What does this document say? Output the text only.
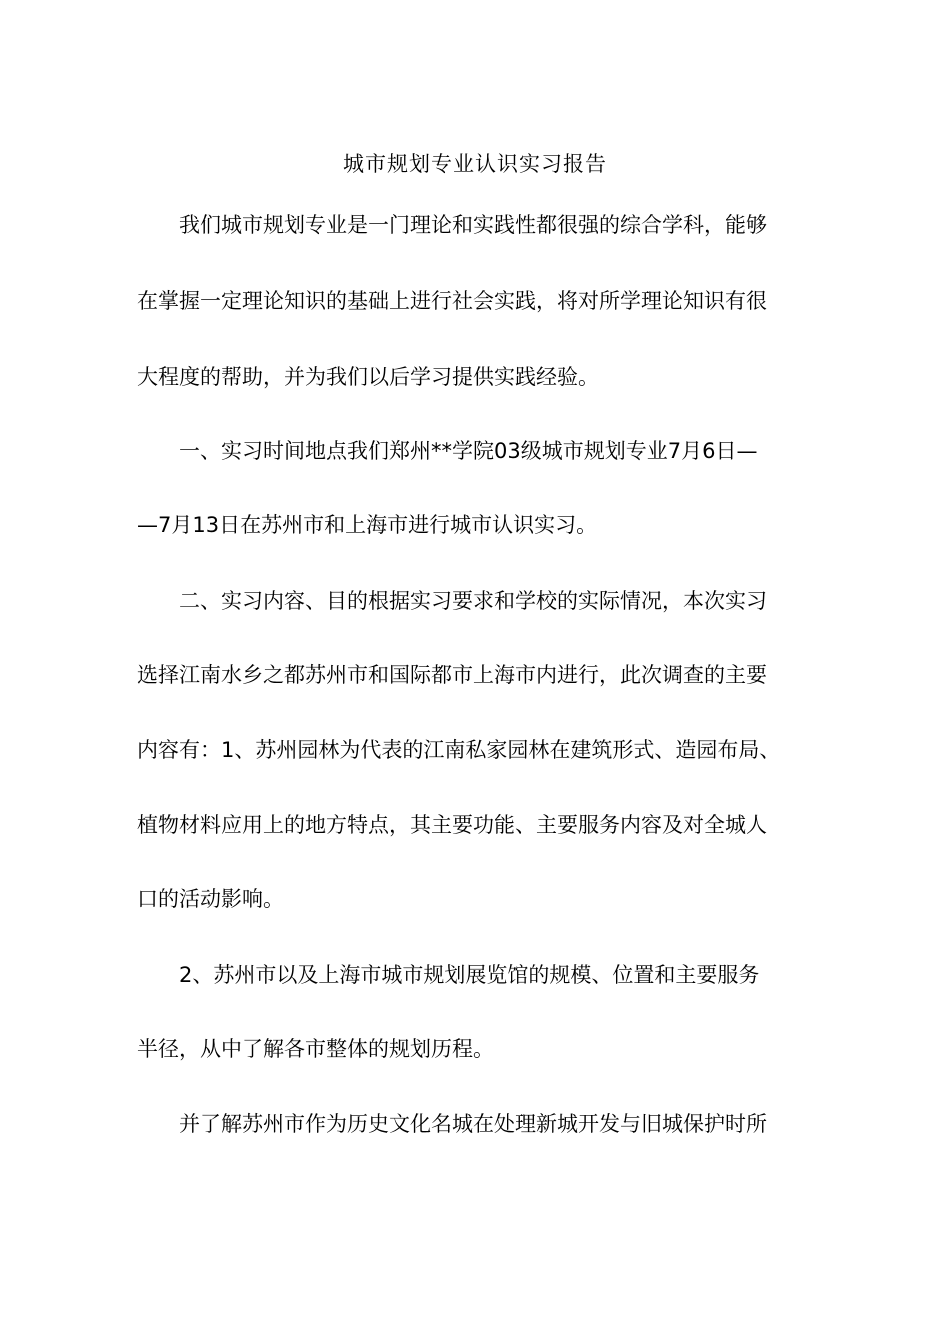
城市规划专业认识实习报告
　　我们城市规划专业是一门理论和实践性都很强的综合学科，能够
在掌握一定理论知识的基础上进行社会实践，将对所学理论知识有很
大程度的帮助，并为我们以后学习提供实践经验。
　　一、实习时间地点我们郑州**学院03级城市规划专业7月6日—
—7月13日在苏州市和上海市进行城市认识实习。
　　二、实习内容、目的根据实习要求和学校的实际情况，本次实习
选择江南水乡之都苏州市和国际都市上海市内进行，此次调查的主要
内容有：1、苏州园林为代表的江南私家园林在建筑形式、造园布局、
植物材料应用上的地方特点，其主要功能、主要服务内容及对全城人
口的活动影响。
　　2、苏州市以及上海市城市规划展览馆的规模、位置和主要服务
半径，从中了解各市整体的规划历程。
　　并了解苏州市作为历史文化名城在处理新城开发与旧城保护时所
